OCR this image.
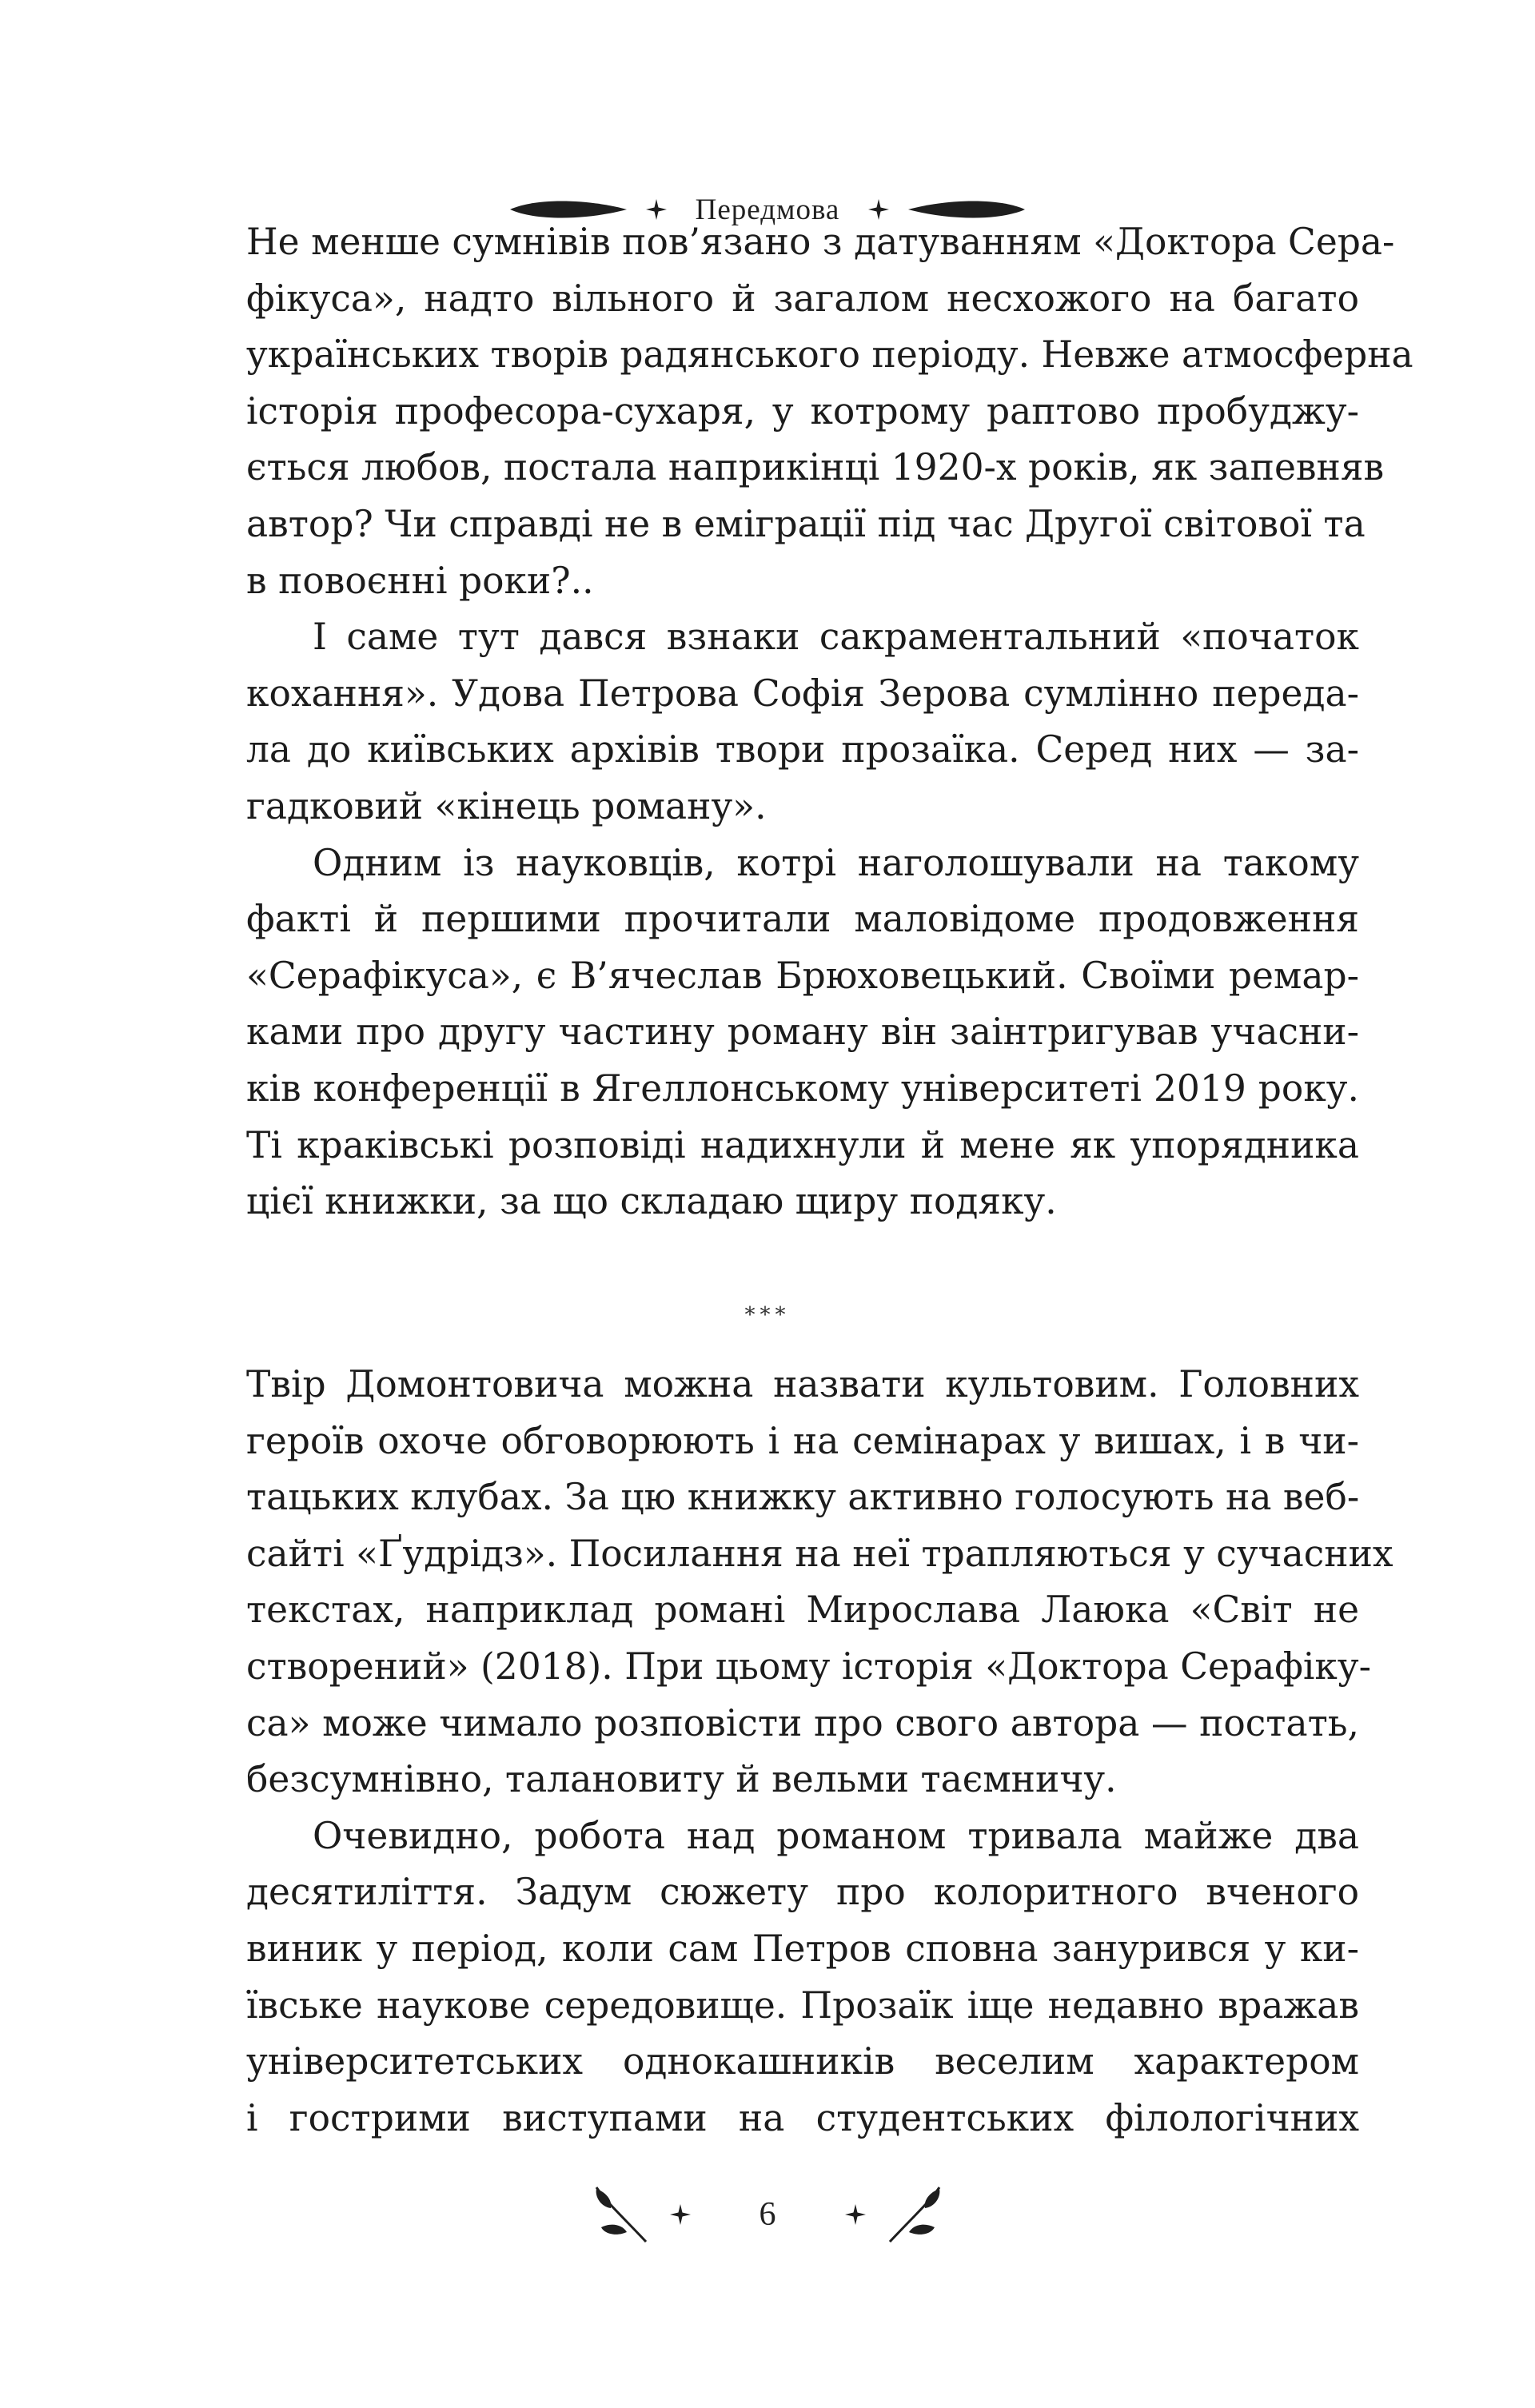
Передмова
Не менше сумнівів пов’язано з датуванням «Доктора Сера-
фікуса», надто вільного й загалом несхожого на багато
українських творів радянського періоду. Невже атмосферна
історія професора-сухаря, у котрому раптово пробуджу-
ється любов, постала наприкінці 1920-х років, як запевняв
автор? Чи справді не в еміграції під час Другої світової та
в повоєнні роки?..
І саме тут дався взнаки сакраментальний «початок
кохання». Удова Петрова Софія Зерова сумлінно переда-
ла до київських архівів твори прозаїка. Серед них — за-
гадковий «кінець роману».
Одним із науковців, котрі наголошували на такому
факті й першими прочитали маловідоме продовження
«Серафікуса», є В’ячеслав Брюховецький. Своїми ремар-
ками про другу частину роману він заінтригував учасни-
ків конференції в Ягеллонському університеті 2019 року.
Ті краківські розповіді надихнули й мене як упорядника
цієї книжки, за що складаю щиру подяку.
***
Твір Домонтовича можна назвати культовим. Головних
героїв охоче обговорюють і на семінарах у вишах, і в чи-
тацьких клубах. За цю книжку активно голосують на веб-
сайті «Ґудрідз». Посилання на неї трапляються у сучасних
текстах, наприклад романі Мирослава Лаюка «Світ не
створений» (2018). При цьому історія «Доктора Серафіку-
са» може чимало розповісти про свого автора — постать,
безсумнівно, талановиту й вельми таємничу.
Очевидно, робота над романом тривала майже два
десятиліття. Задум сюжету про колоритного вченого
виник у період, коли сам Петров сповна занурився у ки-
ївське наукове середовище. Прозаїк іще недавно вражав
університетських однокашників веселим характером
і гострими виступами на студентських філологічних
6
